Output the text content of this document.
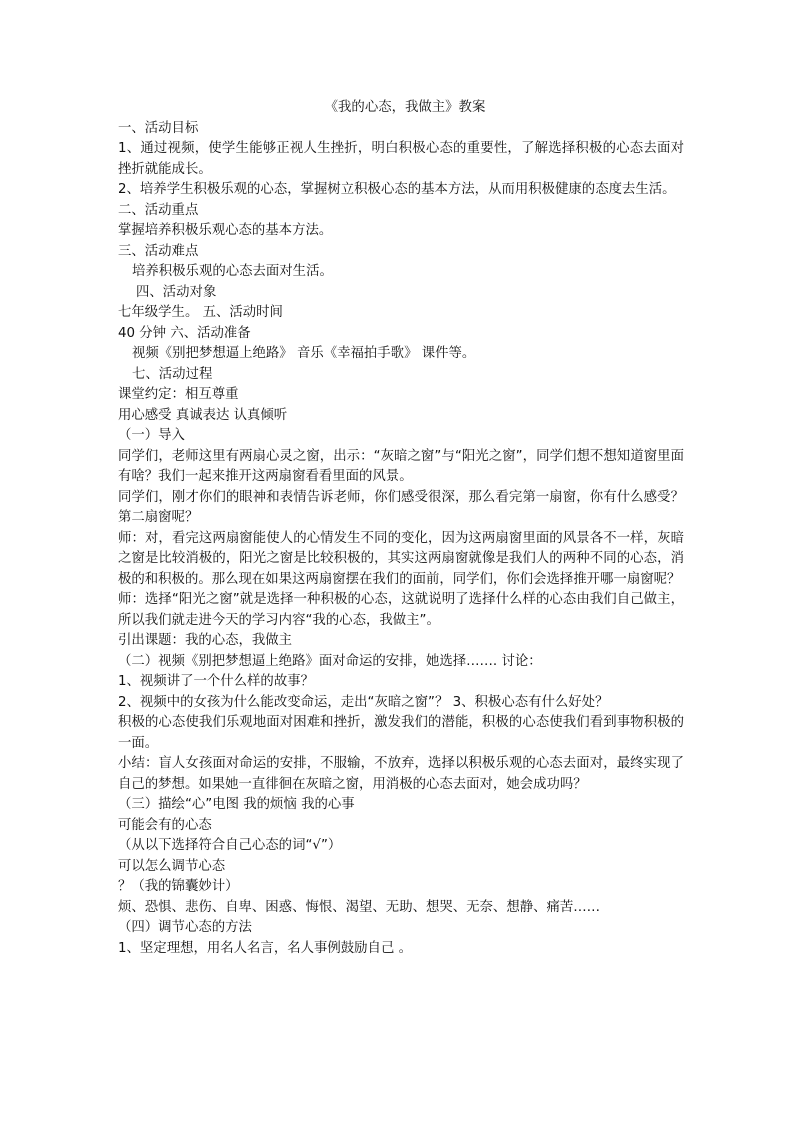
《我的心态，我做主》教案

一、活动目标

1、通过视频，使学生能够正视人生挫折，明白积极心态的重要性，了解选择积极的心态去面对挫折就能成长。

2、培养学生积极乐观的心态，掌握树立积极心态的基本方法，从而用积极健康的态度去生活。

二、活动重点

掌握培养积极乐观心态的基本方法。

三、活动难点

培养积极乐观的心态去面对生活。

四、活动对象

七年级学生。 五、活动时间

40 分钟 六、活动准备

视频《别把梦想逼上绝路》 音乐《幸福拍手歌》 课件等。

七、活动过程

课堂约定：相互尊重

用心感受 真诚表达 认真倾听

（一）导入

同学们，老师这里有两扇心灵之窗，出示：“灰暗之窗”与“阳光之窗”，同学们想不想知道窗里面有啥？我们一起来推开这两扇窗看看里面的风景。

同学们，刚才你们的眼神和表情告诉老师，你们感受很深，那么看完第一扇窗，你有什么感受？第二扇窗呢？

师：对，看完这两扇窗能使人的心情发生不同的变化，因为这两扇窗里面的风景各不一样，灰暗之窗是比较消极的，阳光之窗是比较积极的，其实这两扇窗就像是我们人的两种不同的心态，消极的和积极的。那么现在如果这两扇窗摆在我们的面前，同学们，你们会选择推开哪一扇窗呢？

师：选择“阳光之窗”就是选择一种积极的心态，这就说明了选择什么样的心态由我们自己做主，所以我们就走进今天的学习内容“我的心态，我做主”。

引出课题：我的心态，我做主

（二）视频《别把梦想逼上绝路》面对命运的安排，她选择……. 讨论：

1、视频讲了一个什么样的故事？

2、视频中的女孩为什么能改变命运，走出“灰暗之窗”？ 3、积极心态有什么好处？

积极的心态使我们乐观地面对困难和挫折，激发我们的潜能，积极的心态使我们看到事物积极的一面。

小结：盲人女孩面对命运的安排，不服输，不放弃，选择以积极乐观的心态去面对，最终实现了自己的梦想。如果她一直徘徊在灰暗之窗，用消极的心态去面对，她会成功吗？

（三）描绘“心”电图 我的烦恼 我的心事

可能会有的心态

（从以下选择符合自己心态的词“√”）

可以怎么调节心态

？（我的锦囊妙计）

烦、恐惧、悲伤、自卑、困惑、悔恨、渴望、无助、想哭、无奈、想静、痛苦……

（四）调节心态的方法

1、坚定理想，用名人名言，名人事例鼓励自己 。
